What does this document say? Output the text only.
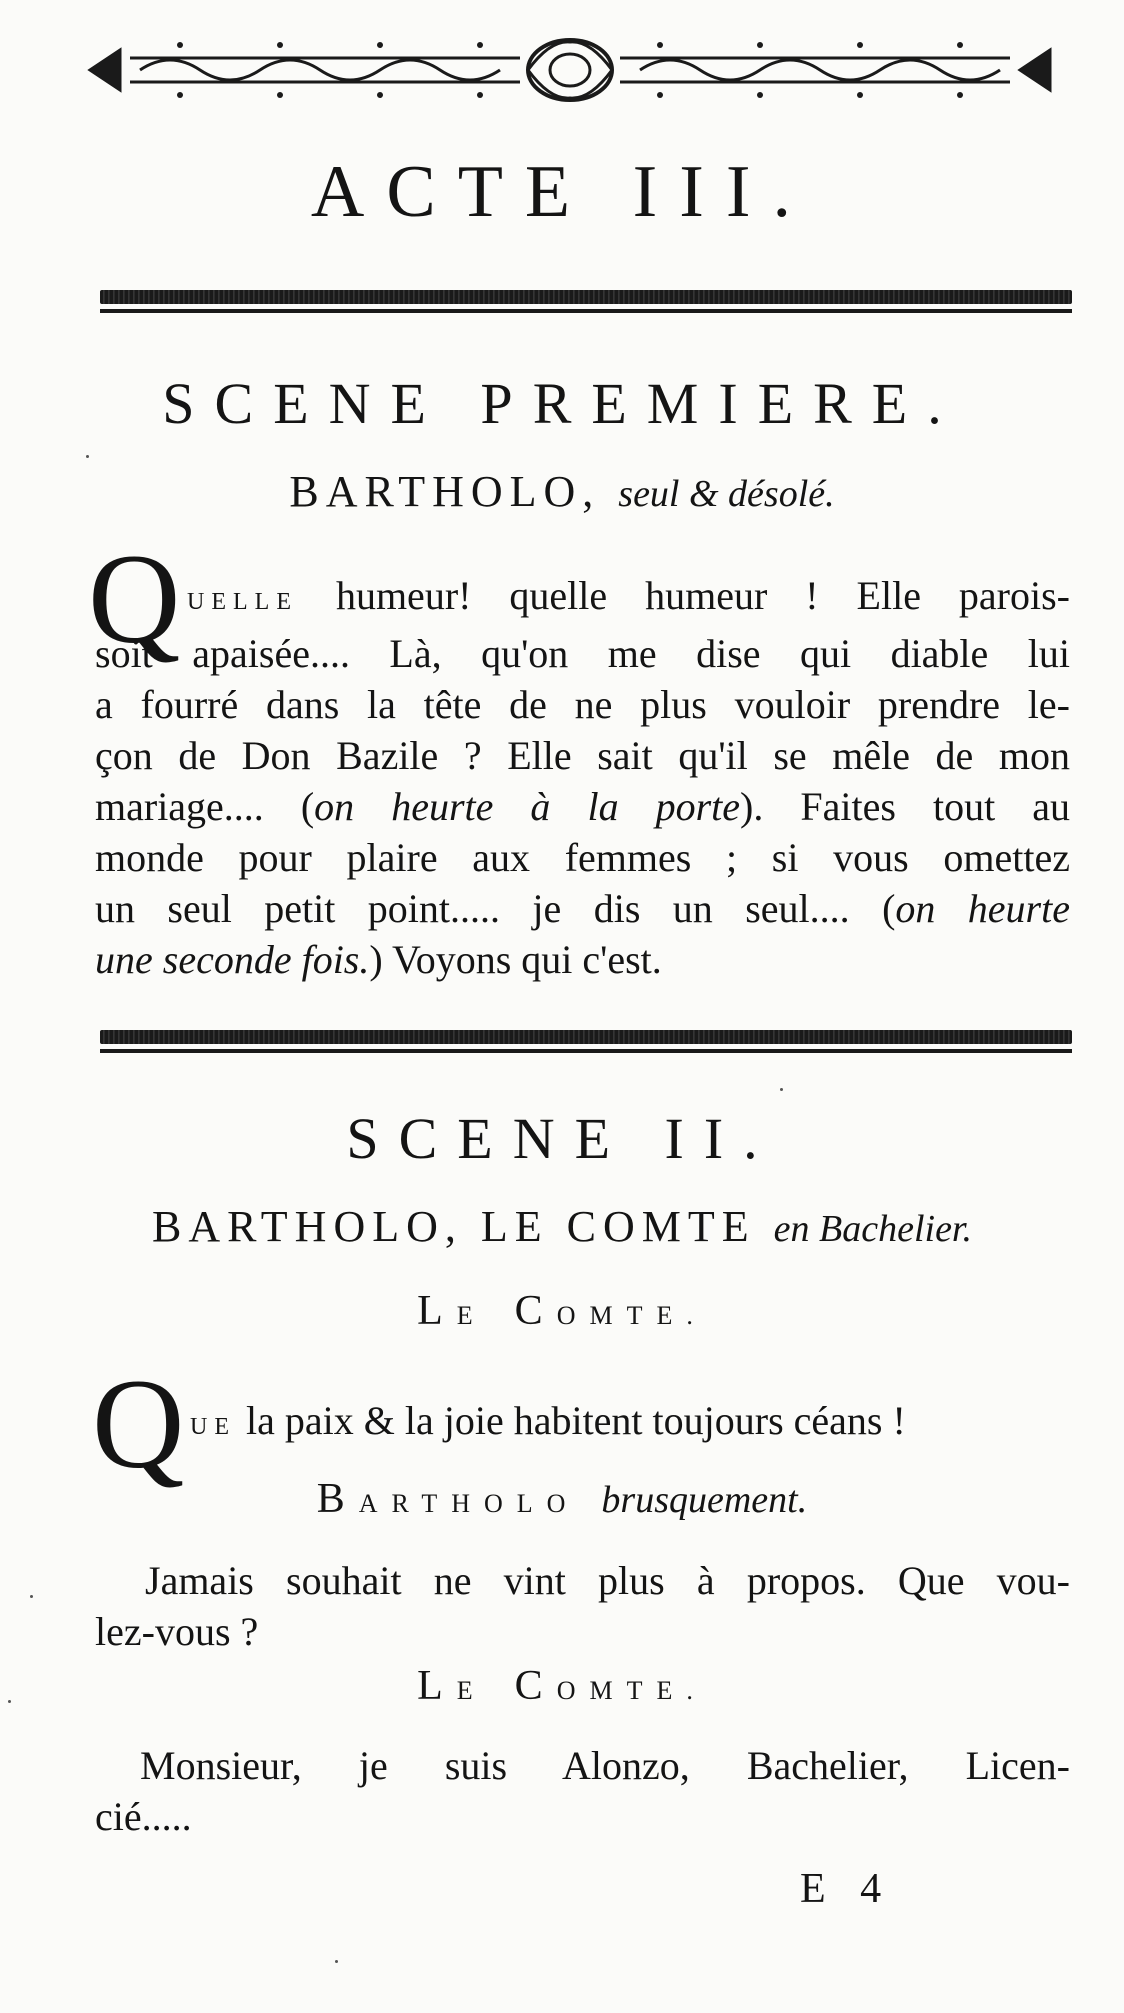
ACTE III.
SCENE PREMIERE.
BARTHOLO, seul & désolé.
Q UELLE humeur! quelle humeur ! Elle parois-
soit apaisée.... Là, qu'on me dise qui diable lui
a fourré dans la tête de ne plus vouloir prendre le-
çon de Don Bazile ? Elle sait qu'il se mêle de mon
mariage.... (on heurte à la porte). Faites tout au
monde pour plaire aux femmes ; si vous omettez
un seul petit point..... je dis un seul.... (on heurte
une seconde fois.) Voyons qui c'est.
SCENE II.
BARTHOLO, LE COMTE en Bachelier.
LE COMTE.
Q UE la paix & la joie habitent toujours céans !
BARTHOLO brusquement.
Jamais souhait ne vint plus à propos. Que vou-
lez-vous ?
LE COMTE.
Monsieur, je suis Alonzo, Bachelier, Licen-
cié.....
E 4
